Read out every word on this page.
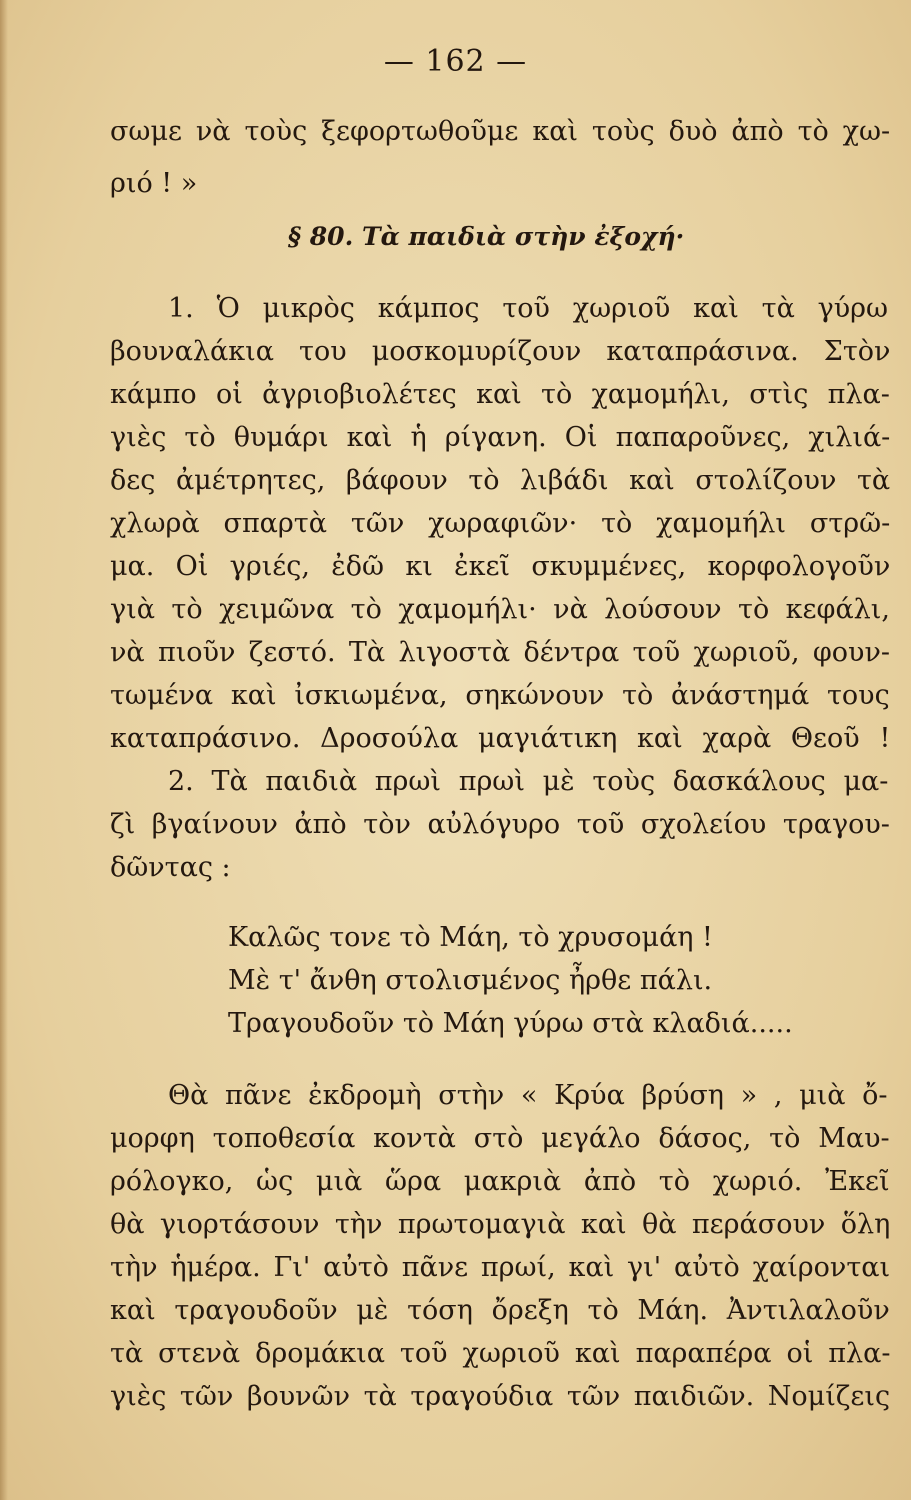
— 162 —
σωμε νὰ τοὺς ξεφορτωθοῦμε καὶ τοὺς δυὸ ἀπὸ τὸ χω-
ριό ! »
§ 80. Τὰ παιδιὰ στὴν ἐξοχή·
1. Ὁ μικρὸς κάμπος τοῦ χωριοῦ καὶ τὰ γύρω
βουναλάκια του μοσκομυρίζουν καταπράσινα. Στὸν
κάμπο οἱ ἀγριοβιολέτες καὶ τὸ χαμομήλι, στὶς πλα-
γιὲς τὸ θυμάρι καὶ ἡ ρίγανη. Οἱ παπαροῦνες, χιλιά-
δες ἀμέτρητες, βάφουν τὸ λιβάδι καὶ στολίζουν τὰ
χλωρὰ σπαρτὰ τῶν χωραφιῶν· τὸ χαμομήλι στρῶ-
μα. Οἱ γριές, ἐδῶ κι ἐκεῖ σκυμμένες, κορφολογοῦν
γιὰ τὸ χειμῶνα τὸ χαμομήλι· νὰ λούσουν τὸ κεφάλι,
νὰ πιοῦν ζεστό. Τὰ λιγοστὰ δέντρα τοῦ χωριοῦ, φουν-
τωμένα καὶ ἰσκιωμένα, σηκώνουν τὸ ἀνάστημά τους
καταπράσινο. Δροσούλα μαγιάτικη καὶ χαρὰ Θεοῦ !
2. Τὰ παιδιὰ πρωὶ πρωὶ μὲ τοὺς δασκάλους μα-
ζὶ βγαίνουν ἀπὸ τὸν αὐλόγυρο τοῦ σχολείου τραγου-
δῶντας :
Καλῶς τονε τὸ Μάη, τὸ χρυσομάη !
Μὲ τ' ἄνθη στολισμένος ἦρθε πάλι.
Τραγουδοῦν τὸ Μάη γύρω στὰ κλαδιά.....
Θὰ πᾶνε ἐκδρομὴ στὴν « Κρύα βρύση » , μιὰ ὄ-
μορφη τοποθεσία κοντὰ στὸ μεγάλο δάσος, τὸ Μαυ-
ρόλογκο, ὡς μιὰ ὥρα μακριὰ ἀπὸ τὸ χωριό. Ἐκεῖ
θὰ γιορτάσουν τὴν πρωτομαγιὰ καὶ θὰ περάσουν ὅλη
τὴν ἡμέρα. Γι' αὐτὸ πᾶνε πρωί, καὶ γι' αὐτὸ χαίρονται
καὶ τραγουδοῦν μὲ τόση ὄρεξη τὸ Μάη. Ἀντιλαλοῦν
τὰ στενὰ δρομάκια τοῦ χωριοῦ καὶ παραπέρα οἱ πλα-
γιὲς τῶν βουνῶν τὰ τραγούδια τῶν παιδιῶν. Νομίζεις
